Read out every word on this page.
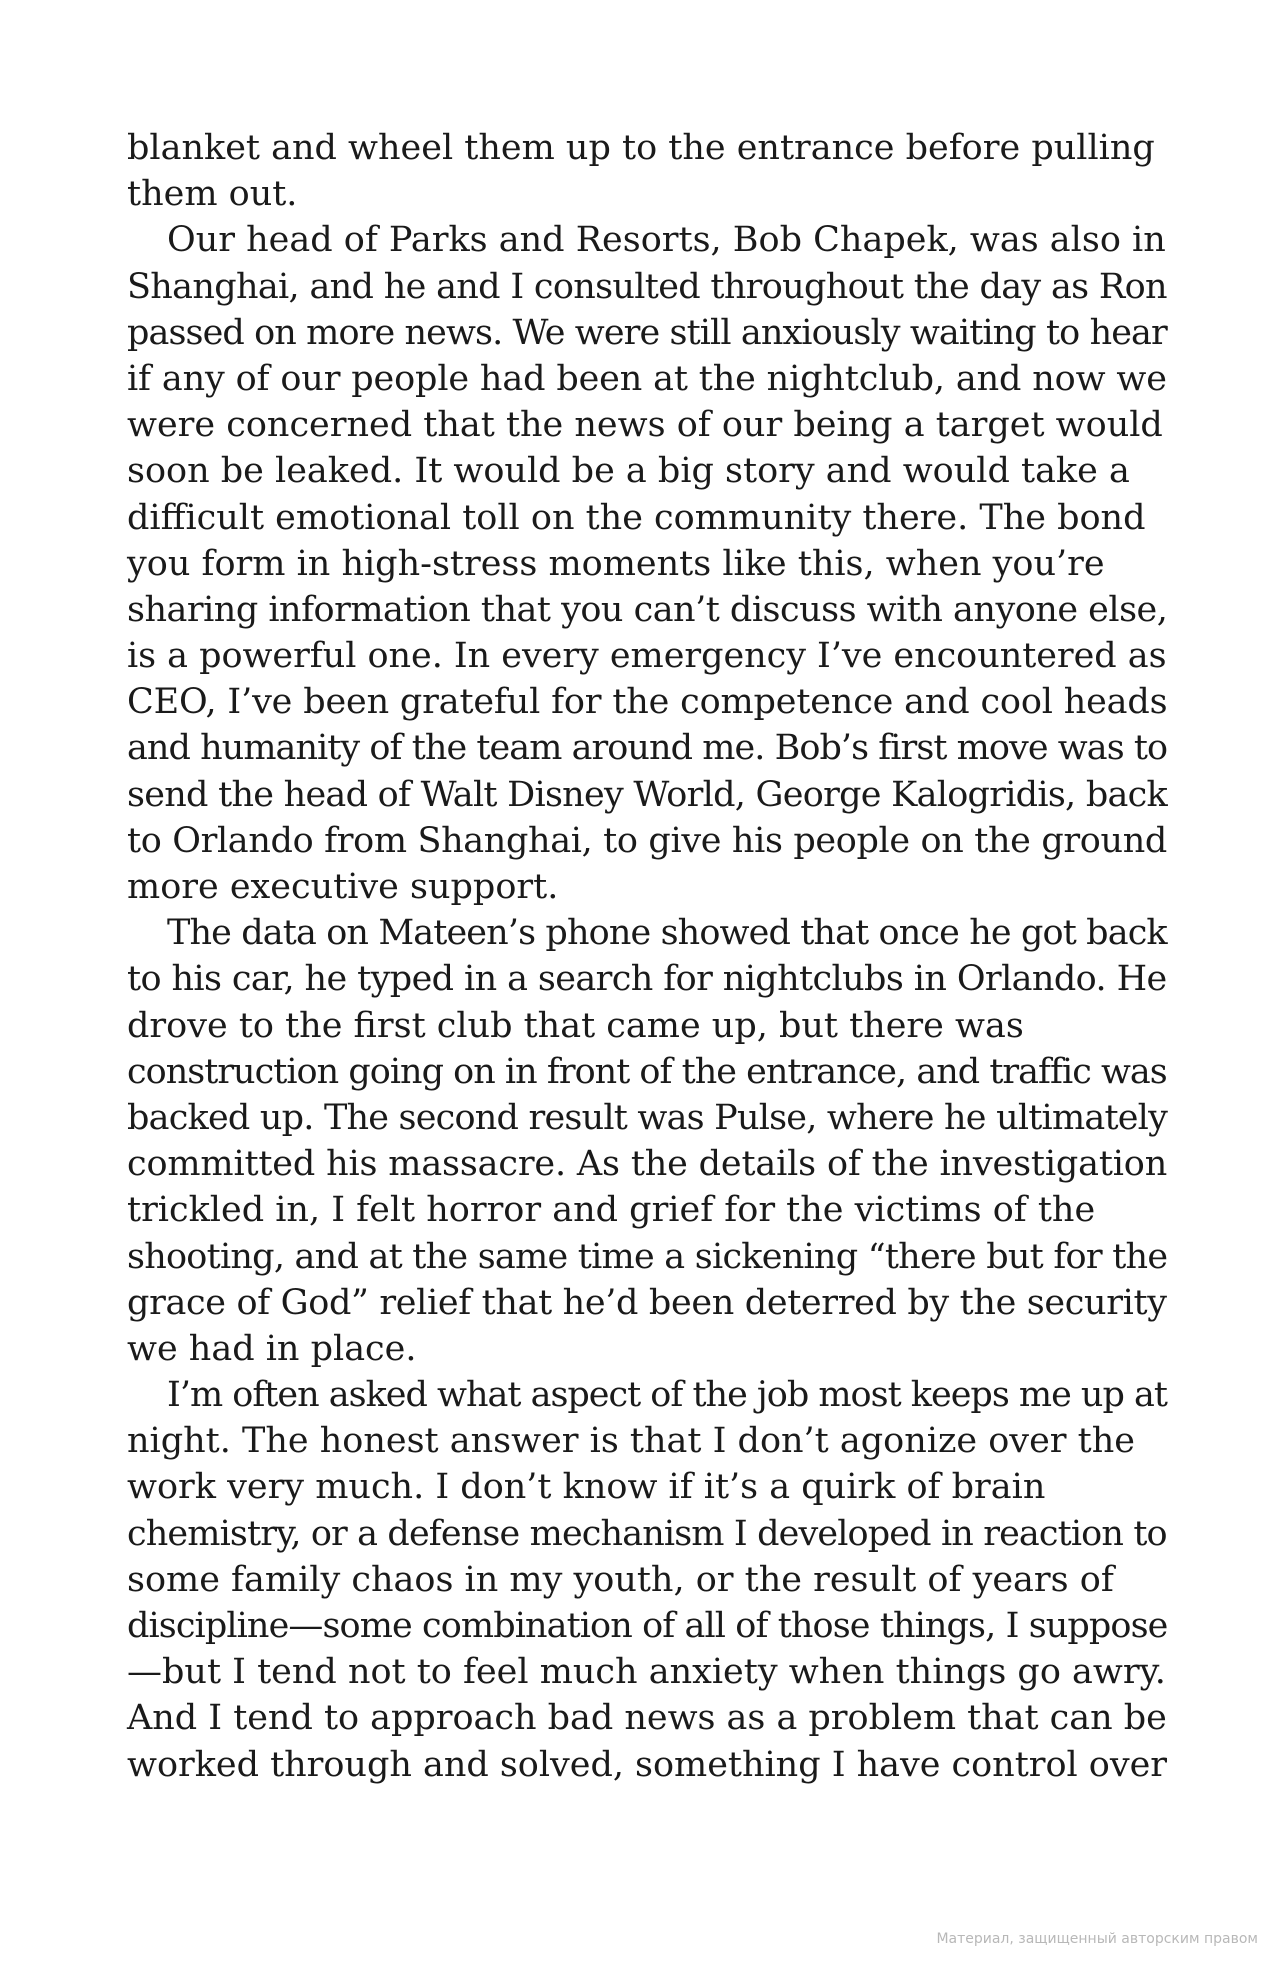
blanket and wheel them up to the entrance before pulling
them out.
Our head of Parks and Resorts, Bob Chapek, was also in
Shanghai, and he and I consulted throughout the day as Ron
passed on more news. We were still anxiously waiting to hear
if any of our people had been at the nightclub, and now we
were concerned that the news of our being a target would
soon be leaked. It would be a big story and would take a
difficult emotional toll on the community there. The bond
you form in high-stress moments like this, when you’re
sharing information that you can’t discuss with anyone else,
is a powerful one. In every emergency I’ve encountered as
CEO, I’ve been grateful for the competence and cool heads
and humanity of the team around me. Bob’s first move was to
send the head of Walt Disney World, George Kalogridis, back
to Orlando from Shanghai, to give his people on the ground
more executive support.
The data on Mateen’s phone showed that once he got back
to his car, he typed in a search for nightclubs in Orlando. He
drove to the first club that came up, but there was
construction going on in front of the entrance, and traffic was
backed up. The second result was Pulse, where he ultimately
committed his massacre. As the details of the investigation
trickled in, I felt horror and grief for the victims of the
shooting, and at the same time a sickening “there but for the
grace of God” relief that he’d been deterred by the security
we had in place.
I’m often asked what aspect of the job most keeps me up at
night. The honest answer is that I don’t agonize over the
work very much. I don’t know if it’s a quirk of brain
chemistry, or a defense mechanism I developed in reaction to
some family chaos in my youth, or the result of years of
discipline—some combination of all of those things, I suppose
—but I tend not to feel much anxiety when things go awry.
And I tend to approach bad news as a problem that can be
worked through and solved, something I have control over
Материал, защищенный авторским правом
